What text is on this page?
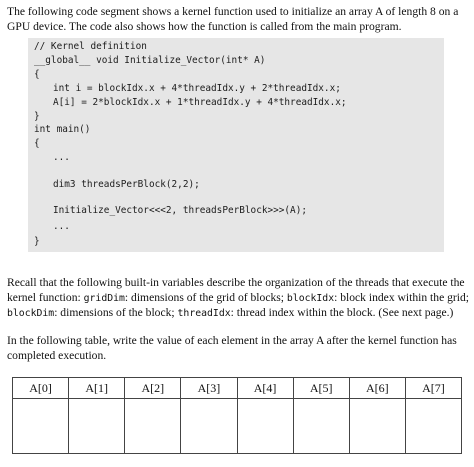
The following code segment shows a kernel function used to initialize an array A of length 8 on a GPU device. The code also shows how the function is called from the main program.

// Kernel definition
__global__ void Initialize_Vector(int* A)
{
int i = blockIdx.x + 4*threadIdx.y + 2*threadIdx.x;
A[i] = 2*blockIdx.x + 1*threadIdx.y + 4*threadIdx.x;
}
int main()
{
...
dim3 threadsPerBlock(2,2);
Initialize_Vector<<<2, threadsPerBlock>>>(A);
...
}

Recall that the following built-in variables describe the organization of the threads that execute the kernel function: gridDim: dimensions of the grid of blocks; blockIdx: block index within the grid; blockDim: dimensions of the block; threadIdx: thread index within the block. (See next page.)

In the following table, write the value of each element in the array A after the kernel function has completed execution.

A[0]	A[1]	A[2]	A[3]	A[4]	A[5]	A[6]	A[7]
